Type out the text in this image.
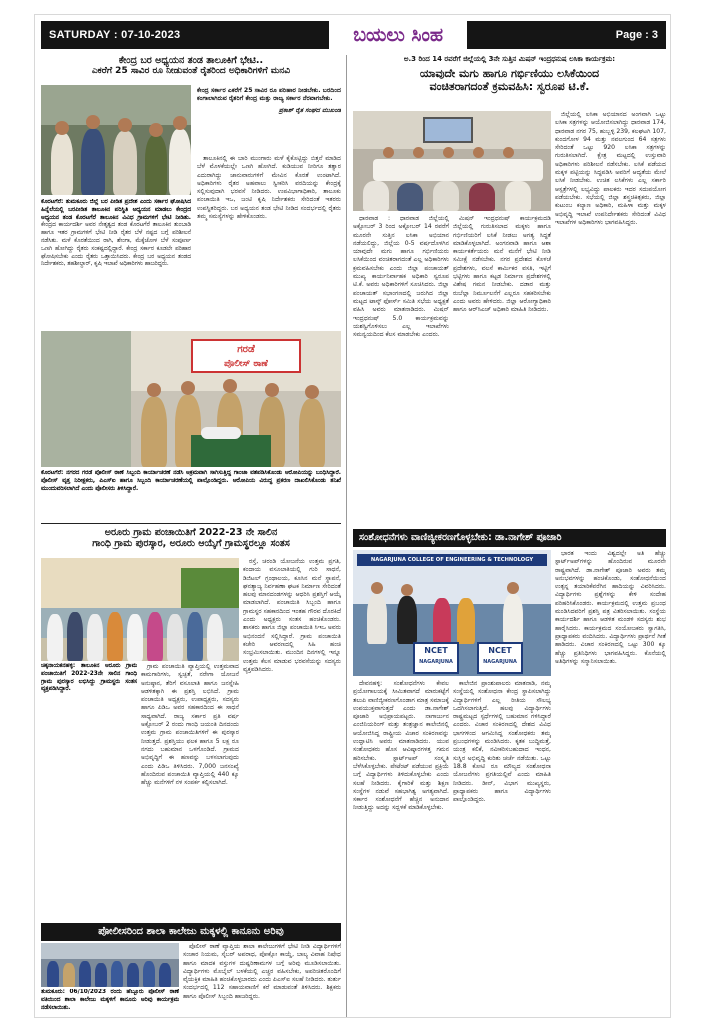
SATURDAY : 07-10-2023	ಬಯಲು ಸಿಂಹ	Page : 3
ಕೇಂದ್ರ ಬರ ಅಧ್ಯಯನ ತಂಡ ತಾಲೂಕಿಗೆ ಭೇಟಿ..
ಎಕರೆಗೆ 25 ಸಾವಿರ ರೂ ನೀಡುವಂತೆ ರೈತರಿಂದ ಅಧಿಕಾರಿಗಳಿಗೆ ಮನವಿ
ಕೇಂದ್ರ ಸರ್ಕಾರ ಎಕರೆಗೆ 25 ಸಾವಿರ ರೂ ಪರಿಹಾರ ನೀಡಬೇಕು. ಬರದಿಂದ ಕಂಗಾಲಾಗಿರುವ ರೈತರಿಗೆ ಕೇಂದ್ರ ಮತ್ತು ರಾಜ್ಯ ಸರ್ಕಾರ ನೆರವಾಗಬೇಕು.
ಪ್ರಕಾಶ್ ರೈತ ಸಂಘದ ಮುಖಂಡ

ತಾಲೂಕಿನಲ್ಲಿ ಈ ಬಾರಿ ಮುಂಗಾರು ಮಳೆ ಕೈಕೊಟ್ಟಿದ್ದು ಬಿತ್ತನೆ ಮಾಡಿದ ಬೆಳೆ ಮೊಳಕೆಯಲ್ಲೇ ಒಣಗಿ ಹೋಗಿದೆ. ಕುಡಿಯುವ ನೀರಿಗೂ ತತ್ವಾರ ಎದುರಾಗಿದ್ದು ಜಾನುವಾರುಗಳಿಗೆ ಮೇವಿನ ಕೊರತೆ ಉಂಟಾಗಿದೆ. ಅಧಿಕಾರಿಗಳು ರೈತರ ಅಹವಾಲು ಸ್ವೀಕರಿಸಿ ವರದಿಯನ್ನು ಕೇಂದ್ರಕ್ಕೆ ಸಲ್ಲಿಸುವುದಾಗಿ ಭರವಸೆ ನೀಡಿದರು. ಉಪವಿಭಾಗಾಧಿಕಾರಿ, ತಾಲೂಕು ಪಂಚಾಯಿತಿ ಇಒ, ಜಂಟಿ ಕೃಷಿ ನಿರ್ದೇಶಕರು ಸೇರಿದಂತೆ ಇತರರು ಉಪಸ್ಥಿತರಿದ್ದರು. ಬರ ಅಧ್ಯಯನ ತಂಡ ಭೇಟಿ ನೀಡಿದ ಸಂದರ್ಭದಲ್ಲಿ ರೈತರು ತಮ್ಮ ಸಮಸ್ಯೆಗಳನ್ನು ಹೇಳಿಕೊಂಡರು.

ಕೊರಟಗೆರೆ: ತುಮಕೂರು ಜಿಲ್ಲೆ ಬರ ಪೀಡಿತ ಪ್ರದೇಶ ಎಂದು ಸರ್ಕಾರ ಘೋಷಿಸಿದ ಹಿನ್ನೆಲೆಯಲ್ಲಿ ಬರಪೀಡಿತ ತಾಲೂಕಿನ ಪರಿಸ್ಥಿತಿ ಅಧ್ಯಯನ ಮಾಡಲು ಕೇಂದ್ರದ ಅಧ್ಯಯನ ತಂಡ ಕೊರಟಗೆರೆ ತಾಲೂಕಿನ ವಿವಿಧ ಗ್ರಾಮಗಳಿಗೆ ಭೇಟಿ ನೀಡಿತು. ಕೇಂದ್ರದ ಕಾರ್ಯದರ್ಶಿ ಅವರ ನೇತೃತ್ವದ ತಂಡ ಕೊರಟಗೆರೆ ತಾಲೂಕಿನ ತುಂಬಾಡಿ ಹಾಗೂ ಇತರ ಗ್ರಾಮಗಳಿಗೆ ಭೇಟಿ ನೀಡಿ ರೈತರ ಬೆಳೆ ನಷ್ಟದ ಬಗ್ಗೆ ಪರಿಶೀಲನೆ ನಡೆಸಿತು. ಮಳೆ ಕೊರತೆಯಿಂದ ರಾಗಿ, ಶೇಂಗಾ, ಮೆಕ್ಕೆಜೋಳ ಬೆಳೆ ಸಂಪೂರ್ಣ ಒಣಗಿ ಹೋಗಿದ್ದು ರೈತರು ಸಂಕಷ್ಟದಲ್ಲಿದ್ದಾರೆ. ಕೇಂದ್ರ ಸರ್ಕಾರ ಕೂಡಲೇ ಪರಿಹಾರ ಘೋಷಿಸಬೇಕು ಎಂದು ರೈತರು ಒತ್ತಾಯಿಸಿದರು. ಕೇಂದ್ರ ಬರ ಅಧ್ಯಯನ ತಂಡದ ನಿರ್ದೇಶಕರು, ತಹಶೀಲ್ದಾರ್, ಕೃಷಿ ಇಲಾಖೆ ಅಧಿಕಾರಿಗಳು ಹಾಜರಿದ್ದರು.
ಗರಡೆ
ಪೊಲೀಸ್ ಠಾಣೆ
ಕೊರಟಗೆರೆ: ನಗರದ ಗರಡೆ ಪೊಲೀಸ್ ಠಾಣೆ ಸಿಬ್ಬಂದಿ ಕಾರ್ಯಾಚರಣೆ ನಡೆಸಿ ಅಕ್ರಮವಾಗಿ ಸಾಗಿಸುತ್ತಿದ್ದ ಗಾಂಜಾ ವಶಪಡಿಸಿಕೊಂಡು ಆರೋಪಿಯನ್ನು ಬಂಧಿಸಿದ್ದಾರೆ. ಪೊಲೀಸ್ ವೃತ್ತ ನಿರೀಕ್ಷಕರು, ಪಿಎಸ್ಐ ಹಾಗೂ ಸಿಬ್ಬಂದಿ ಕಾರ್ಯಾಚರಣೆಯಲ್ಲಿ ಪಾಲ್ಗೊಂಡಿದ್ದರು. ಆರೋಪಿಯ ವಿರುದ್ಧ ಪ್ರಕರಣ ದಾಖಲಿಸಿಕೊಂಡು ತನಿಖೆ ಮುಂದುವರಿಸಲಾಗಿದೆ ಎಂದು ಪೊಲೀಸರು ತಿಳಿಸಿದ್ದಾರೆ.
ಅರೂರು ಗ್ರಾಮ ಪಂಚಾಯಿತಿಗೆ 2022-23 ನೇ ಸಾಲಿನ
ಗಾಂಧಿ ಗ್ರಾಮ ಪುರಸ್ಕಾರ, ಅರೂರು ಆಯ್ಕೆಗೆ ಗ್ರಾಮಸ್ಥರಲ್ಲೂ ಸಂತಸ
ಚಿಕ್ಕನಾಯಕನಹಳ್ಳಿ: ತಾಲೂಕಿನ ಅರೂರು ಗ್ರಾಮ ಪಂಚಾಯಿತಿಗೆ 2022-23ನೇ ಸಾಲಿನ ಗಾಂಧಿ ಗ್ರಾಮ ಪುರಸ್ಕಾರ ಲಭಿಸಿದ್ದು ಗ್ರಾಮಸ್ಥರು ಸಂತಸ ವ್ಯಕ್ತಪಡಿಸಿದ್ದಾರೆ.

ಗ್ರಾಮ ಪಂಚಾಯಿತಿ ವ್ಯಾಪ್ತಿಯಲ್ಲಿ ಉತ್ತಮವಾದ ಕಾಮಗಾರಿಗಳು, ಸ್ವಚ್ಛತೆ, ನರೇಗಾ ಯೋಜನೆ ಅನುಷ್ಠಾನ, ತೆರಿಗೆ ವಸೂಲಾತಿ ಹಾಗೂ ಜನಸ್ನೇಹಿ ಆಡಳಿತಕ್ಕಾಗಿ ಈ ಪ್ರಶಸ್ತಿ ಲಭಿಸಿದೆ. ಗ್ರಾಮ ಪಂಚಾಯಿತಿ ಅಧ್ಯಕ್ಷರು, ಉಪಾಧ್ಯಕ್ಷರು, ಸದಸ್ಯರು ಹಾಗೂ ಪಿಡಿಒ ಅವರ ಸಹಕಾರದಿಂದ ಈ ಸಾಧನೆ ಸಾಧ್ಯವಾಗಿದೆ. ರಾಜ್ಯ ಸರ್ಕಾರ ಪ್ರತಿ ವರ್ಷ ಅಕ್ಟೋಬರ್ 2 ರಂದು ಗಾಂಧಿ ಜಯಂತಿ ದಿನದಂದು ಉತ್ತಮ ಗ್ರಾಮ ಪಂಚಾಯಿತಿಗಳಿಗೆ ಈ ಪುರಸ್ಕಾರ ನೀಡುತ್ತದೆ. ಪ್ರಶಸ್ತಿಯು ಫಲಕ ಹಾಗೂ 5 ಲಕ್ಷ ರೂ ನಗದು ಬಹುಮಾನ ಒಳಗೊಂಡಿದೆ. ಗ್ರಾಮದ ಅಭಿವೃದ್ಧಿಗೆ ಈ ಹಣವನ್ನು ಬಳಸಲಾಗುವುದು ಎಂದು ಪಿಡಿಒ ತಿಳಿಸಿದರು. 7,000 ಜನಸಂಖ್ಯೆ ಹೊಂದಿರುವ ಪಂಚಾಯಿತಿ ವ್ಯಾಪ್ತಿಯಲ್ಲಿ 440 ಕ್ಕೂ ಹೆಚ್ಚು ಮನೆಗಳಿಗೆ ನಳ ಸಂಪರ್ಕ ಕಲ್ಪಿಸಲಾಗಿದೆ.

ರಸ್ತೆ, ಚರಂಡಿ ಯೋಜನೆಯ ಉತ್ತಮ ಪ್ರಗತಿ, ಕಂದಾಯ ವಸೂಲಾತಿಯಲ್ಲಿ ಗುರಿ ಸಾಧನೆ, ಡಿಜಿಟಲ್ ಗ್ರಂಥಾಲಯ, ಕೂಸಿನ ಮನೆ ಸ್ಥಾಪನೆ, ಘನತ್ಯಾಜ್ಯ ನಿರ್ವಹಣಾ ಘಟಕ ನಿರ್ಮಾಣ ಸೇರಿದಂತೆ ಹಲವು ಮಾನದಂಡಗಳನ್ನು ಆಧರಿಸಿ ಪ್ರಶಸ್ತಿಗೆ ಆಯ್ಕೆ ಮಾಡಲಾಗಿದೆ. ಪಂಚಾಯಿತಿ ಸಿಬ್ಬಂದಿ ಹಾಗೂ ಗ್ರಾಮಸ್ಥರ ಸಹಕಾರದಿಂದ ಇಂತಹ ಗೌರವ ದೊರಕಿದೆ ಎಂದು ಅಧ್ಯಕ್ಷರು ಸಂತಸ ಹಂಚಿಕೊಂಡರು. ಶಾಸಕರು ಹಾಗೂ ಜಿಲ್ಲಾ ಪಂಚಾಯಿತಿ ಸಿಇಒ ಅವರು ಅಭಿನಂದನೆ ಸಲ್ಲಿಸಿದ್ದಾರೆ. ಗ್ರಾಮ ಪಂಚಾಯಿತಿ ಕಚೇರಿ ಆವರಣದಲ್ಲಿ ಸಿಹಿ ಹಂಚಿ ಸಂಭ್ರಮಿಸಲಾಯಿತು. ಮುಂದಿನ ದಿನಗಳಲ್ಲಿ ಇನ್ನೂ ಉತ್ತಮ ಕೆಲಸ ಮಾಡುವ ಭರವಸೆಯನ್ನು ಸದಸ್ಯರು ವ್ಯಕ್ತಪಡಿಸಿದರು.

ಪೋಲೀಸರಿಂದ ಶಾಲಾ ಕಾಲೇಜು ಮಕ್ಕಳಲ್ಲಿ ಕಾನೂನು ಅರಿವು
ತುಮಕೂರು: 06/10/2023 ರಂದು ಹೆಬ್ಬೂರು ಪೊಲೀಸ್ ಠಾಣೆ ವತಿಯಿಂದ ಶಾಲಾ ಕಾಲೇಜು ಮಕ್ಕಳಿಗೆ ಕಾನೂನು ಅರಿವು ಕಾರ್ಯಕ್ರಮ ನಡೆಸಲಾಯಿತು.

ಪೊಲೀಸ್ ಠಾಣೆ ವ್ಯಾಪ್ತಿಯ ಶಾಲಾ ಕಾಲೇಜುಗಳಿಗೆ ಭೇಟಿ ನೀಡಿ ವಿದ್ಯಾರ್ಥಿಗಳಿಗೆ ಸಂಚಾರ ನಿಯಮ, ಸೈಬರ್ ಅಪರಾಧ, ಪೋಕ್ಸೋ ಕಾಯ್ದೆ, ಬಾಲ್ಯ ವಿವಾಹ ನಿಷೇಧ ಹಾಗೂ ಮಾದಕ ವಸ್ತುಗಳ ದುಷ್ಪರಿಣಾಮಗಳ ಬಗ್ಗೆ ಅರಿವು ಮೂಡಿಸಲಾಯಿತು. ವಿದ್ಯಾರ್ಥಿಗಳು ಮೊಬೈಲ್ ಬಳಕೆಯಲ್ಲಿ ಎಚ್ಚರ ವಹಿಸಬೇಕು, ಅಪರಿಚಿತರೊಂದಿಗೆ ವೈಯಕ್ತಿಕ ಮಾಹಿತಿ ಹಂಚಿಕೊಳ್ಳಬಾರದು ಎಂದು ಪಿಎಸ್ಐ ಸಲಹೆ ನೀಡಿದರು. ತುರ್ತು ಸಂದರ್ಭದಲ್ಲಿ 112 ಸಹಾಯವಾಣಿಗೆ ಕರೆ ಮಾಡುವಂತೆ ತಿಳಿಸಿದರು. ಶಿಕ್ಷಕರು ಹಾಗೂ ಪೊಲೀಸ್ ಸಿಬ್ಬಂದಿ ಹಾಜರಿದ್ದರು.

ಅ.3 ರಿಂದ 14 ರವರೆಗೆ ಜಿಲ್ಲೆಯಲ್ಲಿ 3ನೇ ಸುತ್ತಿನ ಮಿಷನ್ ಇಂದ್ರಧನುಷ ಲಸಿಕಾ ಕಾರ್ಯಕ್ರಮ:
ಯಾವುದೇ ಮಗು ಹಾಗೂ ಗರ್ಭಿಣಿಯು ಲಸಿಕೆಯಿಂದ
ವಂಚಿತರಾಗದಂತೆ ಕ್ರಮವಹಿಸಿ: ಸ್ವರೂಪ ಟಿ.ಕೆ.

ಧಾರವಾಡ : ಧಾರವಾಡ ಜಿಲ್ಲೆಯಲ್ಲಿ ಅಕ್ಟೋಬರ್ 3 ರಿಂದ ಅಕ್ಟೋಬರ್ 14 ರವರೆಗೆ ಮೂರನೇ ಸುತ್ತಿನ ಲಸಿಕಾ ಅಭಿಯಾನ ನಡೆಯಲಿದ್ದು, ಜಿಲ್ಲೆಯ 0-5 ವರ್ಷದೊಳಗಿನ ಯಾವುದೇ ಮಗು ಹಾಗೂ ಗರ್ಭಿಣಿಯರು ಲಸಿಕೆಯಿಂದ ವಂಚಿತರಾಗದಂತೆ ಎಲ್ಲ ಅಧಿಕಾರಿಗಳು ಕ್ರಮವಹಿಸಬೇಕು ಎಂದು ಜಿಲ್ಲಾ ಪಂಚಾಯತ್ ಮುಖ್ಯ ಕಾರ್ಯನಿರ್ವಾಹಕ ಅಧಿಕಾರಿ ಸ್ವರೂಪ ಟಿ.ಕೆ. ಅವರು ಅಧಿಕಾರಿಗಳಿಗೆ ಸೂಚಿಸಿದರು. ಜಿಲ್ಲಾ ಪಂಚಾಯತ್ ಸಭಾಂಗಣದಲ್ಲಿ ಜರುಗಿದ ಜಿಲ್ಲಾ ಮಟ್ಟದ ಟಾಸ್ಕ್ ಫೋರ್ಸ್ ಸಮಿತಿ ಸಭೆಯ ಅಧ್ಯಕ್ಷತೆ ವಹಿಸಿ ಅವರು ಮಾತನಾಡಿದರು. ಮಿಷನ್ ಇಂದ್ರಧನುಷ್ 5.0 ಕಾರ್ಯಕ್ರಮವನ್ನು ಯಶಸ್ವಿಗೊಳಿಸಲು ಎಲ್ಲ ಇಲಾಖೆಗಳು ಸಮನ್ವಯದಿಂದ ಕೆಲಸ ಮಾಡಬೇಕು ಎಂದರು.

ಮಿಷನ್ ಇಂದ್ರಧನುಷ್ ಕಾರ್ಯಕ್ರಮದಡಿ ಜಿಲ್ಲೆಯಲ್ಲಿ ಗುರುತಿಸಲಾದ ಮಕ್ಕಳು ಹಾಗೂ ಗರ್ಭಿಣಿಯರಿಗೆ ಲಸಿಕೆ ನೀಡಲು ಅಗತ್ಯ ಸಿದ್ಧತೆ ಮಾಡಿಕೊಳ್ಳಲಾಗಿದೆ. ಅಂಗನವಾಡಿ ಹಾಗೂ ಆಶಾ ಕಾರ್ಯಕರ್ತೆಯರು ಮನೆ ಮನೆಗೆ ಭೇಟಿ ನೀಡಿ ಸಮೀಕ್ಷೆ ನಡೆಸಬೇಕು. ನಗರ ಪ್ರದೇಶದ ಕೊಳಚೆ ಪ್ರದೇಶಗಳು, ವಲಸೆ ಕಾರ್ಮಿಕರ ವಸತಿ, ಇಟ್ಟಿಗೆ ಭಟ್ಟಿಗಳು ಹಾಗೂ ಕಟ್ಟಡ ನಿರ್ಮಾಣ ಪ್ರದೇಶಗಳಲ್ಲಿ ವಿಶೇಷ ಗಮನ ನೀಡಬೇಕು. ದಡಾರ ಮತ್ತು ರುಬೆಲ್ಲಾ ನಿರ್ಮೂಲನೆಗೆ ಎಲ್ಲರೂ ಸಹಕರಿಸಬೇಕು ಎಂದು ಅವರು ಹೇಳಿದರು. ಜಿಲ್ಲಾ ಆರೋಗ್ಯಾಧಿಕಾರಿ ಹಾಗೂ ಆರ್‌ಸಿಎಚ್ ಅಧಿಕಾರಿ ಮಾಹಿತಿ ನೀಡಿದರು.

ಜಿಲ್ಲೆಯಲ್ಲಿ ಲಸಿಕಾ ಅಭಿಯಾನದ ಅಂಗವಾಗಿ ಒಟ್ಟು ಲಸಿಕಾ ಸತ್ರಗಳನ್ನು ಆಯೋಜಿಸಲಾಗಿದ್ದು ಧಾರವಾಡ 174, ಧಾರವಾಡ ನಗರ 75, ಹುಬ್ಬಳ್ಳಿ 239, ಕಲಘಟಗಿ 107, ಕುಂದಗೋಳ 94 ಮತ್ತು ನವಲಗುಂದ 64 ಸತ್ರಗಳು ಸೇರಿದಂತೆ ಒಟ್ಟು 920 ಲಸಿಕಾ ಸತ್ರಗಳನ್ನು ಗುರುತಿಸಲಾಗಿದೆ. ಕ್ಷೇತ್ರ ಮಟ್ಟದಲ್ಲಿ ಉಸ್ತುವಾರಿ ಅಧಿಕಾರಿಗಳು ಪರಿಶೀಲನೆ ನಡೆಸಬೇಕು. ಲಸಿಕೆ ಪಡೆಯದ ಮಕ್ಕಳ ಪಟ್ಟಿಯನ್ನು ಸಿದ್ಧಪಡಿಸಿ ಅವರಿಗೆ ಆದ್ಯತೆಯ ಮೇಲೆ ಲಸಿಕೆ ನೀಡಬೇಕು. ಉಚಿತ ಲಸಿಕೆಗಳು ಎಲ್ಲ ಸರ್ಕಾರಿ ಆಸ್ಪತ್ರೆಗಳಲ್ಲಿ ಲಭ್ಯವಿದ್ದು ಪಾಲಕರು ಇದರ ಸದುಪಯೋಗ ಪಡೆಯಬೇಕು. ಸಭೆಯಲ್ಲಿ ಜಿಲ್ಲಾ ಶಸ್ತ್ರಚಿಕಿತ್ಸಕರು, ಜಿಲ್ಲಾ ಕುಟುಂಬ ಕಲ್ಯಾಣ ಅಧಿಕಾರಿ, ಮಹಿಳಾ ಮತ್ತು ಮಕ್ಕಳ ಅಭಿವೃದ್ಧಿ ಇಲಾಖೆ ಉಪನಿರ್ದೇಶಕರು ಸೇರಿದಂತೆ ವಿವಿಧ ಇಲಾಖೆಗಳ ಅಧಿಕಾರಿಗಳು ಭಾಗವಹಿಸಿದ್ದರು.

ಸಂಶೋಧನೆಗಳು ವಾಣಿಜ್ಯೀಕರಣಗೊಳ್ಳಬೇಕು: ಡಾ.ನಾಗೇಶ್ ಪೂಜಾರಿ
NAGARJUNA COLLEGE OF ENGINEERING & TECHNOLOGY
NCET
NAGARJUNA
NCET
NAGARJUNA

ದೇವನಹಳ್ಳಿ: ಸಂಶೋಧನೆಗಳು ಕೇವಲ ಪ್ರಯೋಗಾಲಯಕ್ಕೆ ಸೀಮಿತವಾಗದೆ ಮಾರುಕಟ್ಟೆಗೆ ತಲುಪಿ ವಾಣಿಜ್ಯೀಕರಣಗೊಂಡಾಗ ಮಾತ್ರ ಸಮಾಜಕ್ಕೆ ಉಪಯುಕ್ತವಾಗುತ್ತದೆ ಎಂದು ಡಾ.ನಾಗೇಶ್ ಪೂಜಾರಿ ಅಭಿಪ್ರಾಯಪಟ್ಟರು. ನಾಗಾರ್ಜುನ ಎಂಜಿನಿಯರಿಂಗ್ ಮತ್ತು ತಂತ್ರಜ್ಞಾನ ಕಾಲೇಜಿನಲ್ಲಿ ಆಯೋಜಿಸಿದ್ದ ರಾಷ್ಟ್ರೀಯ ವಿಚಾರ ಸಂಕಿರಣವನ್ನು ಉದ್ಘಾಟಿಸಿ ಅವರು ಮಾತನಾಡಿದರು. ಯುವ ಸಂಶೋಧಕರು ಹೊಸ ಆವಿಷ್ಕಾರಗಳತ್ತ ಗಮನ ಹರಿಸಬೇಕು. ಸ್ಟಾರ್ಟ್‌ಅಪ್ ಸಂಸ್ಕೃತಿ ಬೆಳೆಸಿಕೊಳ್ಳಬೇಕು. ಪೇಟೆಂಟ್ ಪಡೆಯುವ ಪ್ರಕ್ರಿಯೆ ಬಗ್ಗೆ ವಿದ್ಯಾರ್ಥಿಗಳು ತಿಳಿದುಕೊಳ್ಳಬೇಕು ಎಂದು ಸಲಹೆ ನೀಡಿದರು. ಕೈಗಾರಿಕೆ ಮತ್ತು ಶಿಕ್ಷಣ ಸಂಸ್ಥೆಗಳ ನಡುವೆ ಸಹಭಾಗಿತ್ವ ಅಗತ್ಯವಾಗಿದೆ. ಸರ್ಕಾರ ಸಂಶೋಧನೆಗೆ ಹೆಚ್ಚಿನ ಅನುದಾನ ನೀಡುತ್ತಿದ್ದು ಅದನ್ನು ಸದ್ಬಳಕೆ ಮಾಡಿಕೊಳ್ಳಬೇಕು.

ಕಾಲೇಜಿನ ಪ್ರಾಂಶುಪಾಲರು ಮಾತನಾಡಿ, ನಮ್ಮ ಸಂಸ್ಥೆಯಲ್ಲಿ ಸಂಶೋಧನಾ ಕೇಂದ್ರ ಸ್ಥಾಪಿಸಲಾಗಿದ್ದು ವಿದ್ಯಾರ್ಥಿಗಳಿಗೆ ಎಲ್ಲ ರೀತಿಯ ಸೌಲಭ್ಯ ಒದಗಿಸಲಾಗುತ್ತಿದೆ. ಹಲವು ವಿದ್ಯಾರ್ಥಿಗಳು ರಾಷ್ಟ್ರಮಟ್ಟದ ಸ್ಪರ್ಧೆಗಳಲ್ಲಿ ಬಹುಮಾನ ಗಳಿಸಿದ್ದಾರೆ ಎಂದರು. ವಿಚಾರ ಸಂಕಿರಣದಲ್ಲಿ ದೇಶದ ವಿವಿಧ ಭಾಗಗಳಿಂದ ಆಗಮಿಸಿದ್ದ ಸಂಶೋಧಕರು ತಮ್ಮ ಪ್ರಬಂಧಗಳನ್ನು ಮಂಡಿಸಿದರು. ಕೃತಕ ಬುದ್ಧಿಮತ್ತೆ, ಯಂತ್ರ ಕಲಿಕೆ, ನವೀಕರಿಸಬಹುದಾದ ಇಂಧನ, ಸುಸ್ಥಿರ ಅಭಿವೃದ್ಧಿ ಕುರಿತು ಚರ್ಚೆ ನಡೆಯಿತು. ಒಟ್ಟು 18.8 ಕೋಟಿ ರೂ ಮೌಲ್ಯದ ಸಂಶೋಧನಾ ಯೋಜನೆಗಳು ಪ್ರಗತಿಯಲ್ಲಿವೆ ಎಂದು ಮಾಹಿತಿ ನೀಡಿದರು. ಡೀನ್, ವಿಭಾಗ ಮುಖ್ಯಸ್ಥರು, ಪ್ರಾಧ್ಯಾಪಕರು ಹಾಗೂ ವಿದ್ಯಾರ್ಥಿಗಳು ಪಾಲ್ಗೊಂಡಿದ್ದರು.

ಭಾರತ ಇಂದು ವಿಶ್ವದಲ್ಲೇ ಅತಿ ಹೆಚ್ಚು ಸ್ಟಾರ್ಟ್‌ಅಪ್‌ಗಳನ್ನು ಹೊಂದಿರುವ ಮೂರನೇ ರಾಷ್ಟ್ರವಾಗಿದೆ. ಡಾ.ನಾಗೇಶ್ ಪೂಜಾರಿ ಅವರು ತಮ್ಮ ಅನುಭವಗಳನ್ನು ಹಂಚಿಕೊಂಡು, ಸಂಶೋಧನೆಯಿಂದ ಉತ್ಪನ್ನ ತಯಾರಿಕೆವರೆಗಿನ ಹಾದಿಯನ್ನು ವಿವರಿಸಿದರು. ವಿದ್ಯಾರ್ಥಿಗಳು ಪ್ರಶ್ನೆಗಳನ್ನು ಕೇಳಿ ಸಂದೇಹ ಪರಿಹರಿಸಿಕೊಂಡರು. ಕಾರ್ಯಕ್ರಮದಲ್ಲಿ ಉತ್ತಮ ಪ್ರಬಂಧ ಮಂಡಿಸಿದವರಿಗೆ ಪ್ರಶಸ್ತಿ ಪತ್ರ ವಿತರಿಸಲಾಯಿತು. ಸಂಸ್ಥೆಯ ಕಾರ್ಯದರ್ಶಿ ಹಾಗೂ ಆಡಳಿತ ಮಂಡಳಿ ಸದಸ್ಯರು ಶುಭ ಹಾರೈಸಿದರು. ಕಾರ್ಯಕ್ರಮದ ಸಂಯೋಜಕರು ಸ್ವಾಗತಿಸಿ, ಪ್ರಾಧ್ಯಾಪಕರು ವಂದಿಸಿದರು. ವಿದ್ಯಾರ್ಥಿಗಳು ಪ್ರಾರ್ಥನೆ ಗೀತೆ ಹಾಡಿದರು. ವಿಚಾರ ಸಂಕಿರಣದಲ್ಲಿ ಒಟ್ಟು 300 ಕ್ಕೂ ಹೆಚ್ಚು ಪ್ರತಿನಿಧಿಗಳು ಭಾಗವಹಿಸಿದ್ದರು. ಕೊನೆಯಲ್ಲಿ ಅತಿಥಿಗಳನ್ನು ಸನ್ಮಾನಿಸಲಾಯಿತು.
